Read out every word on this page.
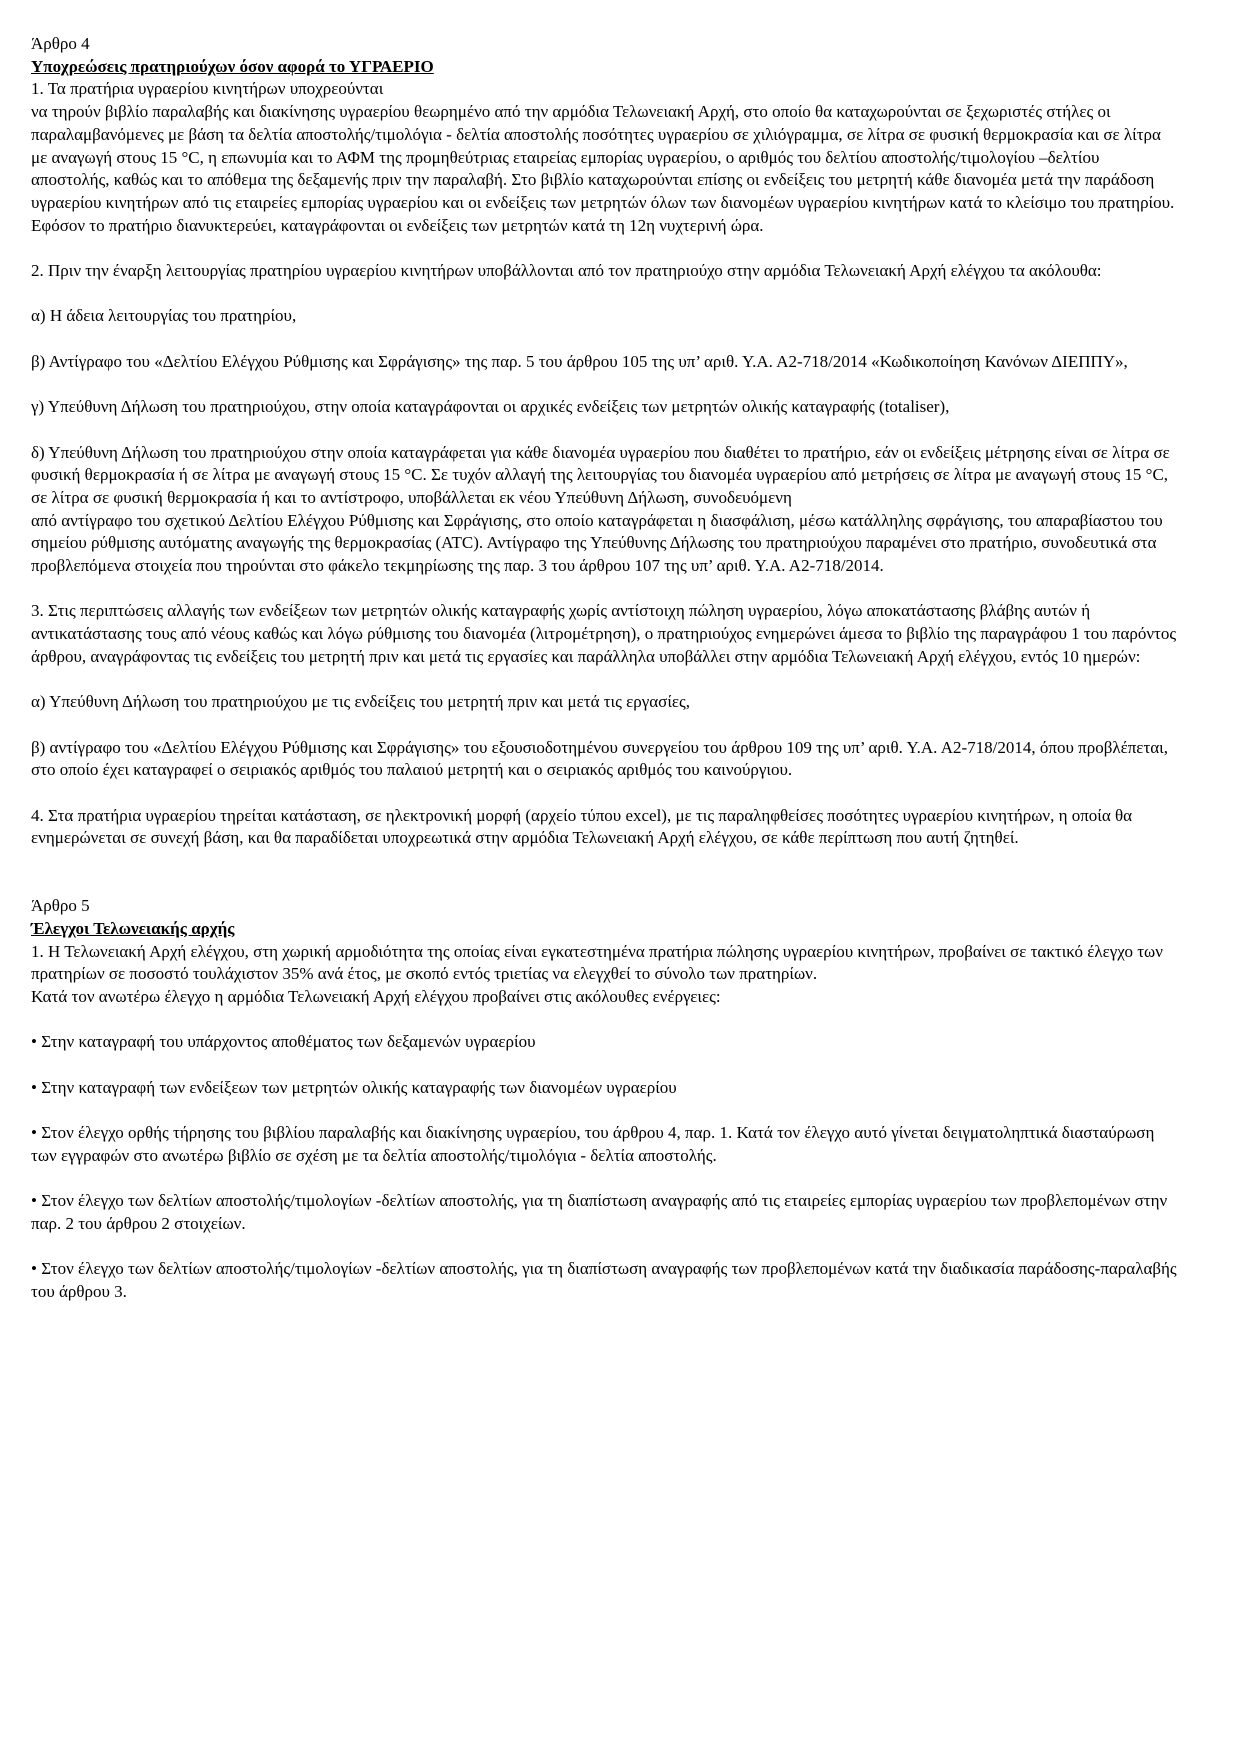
Άρθρο 4

Υποχρεώσεις πρατηριούχων όσον αφορά το ΥΓΡΑΕΡΙΟ

1. Τα πρατήρια υγραερίου κινητήρων υποχρεούνται

να τηρούν βιβλίο παραλαβής και διακίνησης υγραερίου θεωρημένο από την αρμόδια Τελωνειακή Αρχή, στο οποίο θα καταχωρούνται σε ξεχωριστές στήλες οι

παραλαμβανόμενες με βάση τα δελτία αποστολής/τιμολόγια - δελτία αποστολής ποσότητες υγραερίου σε χιλιόγραμμα, σε λίτρα σε φυσική θερμοκρασία και σε λίτρα με αναγωγή στους 15 °C, η επωνυμία και το ΑΦΜ της προμηθεύτριας εταιρείας εμπορίας υγραερίου, ο αριθμός του δελτίου αποστολής/τιμολογίου –δελτίου αποστολής, καθώς και το απόθεμα της δεξαμενής πριν την παραλαβή. Στο βιβλίο καταχωρούνται επίσης οι ενδείξεις του μετρητή κάθε διανομέα μετά την παράδοση υγραερίου κινητήρων από τις εταιρείες εμπορίας υγραερίου και οι ενδείξεις των μετρητών όλων των διανομέων υγραερίου κινητήρων κατά το κλείσιμο του πρατηρίου. Εφόσον το πρατήριο διανυκτερεύει, καταγράφονται οι ενδείξεις των μετρητών κατά τη 12η νυχτερινή ώρα.

2. Πριν την έναρξη λειτουργίας πρατηρίου υγραερίου κινητήρων υποβάλλονται από τον πρατηριούχο στην αρμόδια Τελωνειακή Αρχή ελέγχου τα ακόλουθα:

α) Η άδεια λειτουργίας του πρατηρίου,

β) Αντίγραφο του «Δελτίου Ελέγχου Ρύθμισης και Σφράγισης» της παρ. 5 του άρθρου 105 της υπ’ αριθ. Υ.Α. Α2-718/2014 «Κωδικοποίηση Κανόνων ΔΙΕΠΠΥ»,

γ) Υπεύθυνη Δήλωση του πρατηριούχου, στην οποία καταγράφονται οι αρχικές ενδείξεις των μετρητών ολικής καταγραφής (totaliser),

δ) Υπεύθυνη Δήλωση του πρατηριούχου στην οποία καταγράφεται για κάθε διανομέα υγραερίου που διαθέτει το πρατήριο, εάν οι ενδείξεις μέτρησης είναι σε λίτρα σε φυσική θερμοκρασία ή σε λίτρα με αναγωγή στους 15 °C. Σε τυχόν αλλαγή της λειτουργίας του διανομέα υγραερίου από μετρήσεις σε λίτρα με αναγωγή στους 15 °C, σε λίτρα σε φυσική θερμοκρασία ή και το αντίστροφο, υποβάλλεται εκ νέου Υπεύθυνη Δήλωση, συνοδευόμενη

από αντίγραφο του σχετικού Δελτίου Ελέγχου Ρύθμισης και Σφράγισης, στο οποίο καταγράφεται η διασφάλιση, μέσω κατάλληλης σφράγισης, του απαραβίαστου του σημείου ρύθμισης αυτόματης αναγωγής της θερμοκρασίας (ATC). Αντίγραφο της Υπεύθυνης Δήλωσης του πρατηριούχου παραμένει στο πρατήριο, συνοδευτικά στα προβλεπόμενα στοιχεία που τηρούνται στο φάκελο τεκμηρίωσης της παρ. 3 του άρθρου 107 της υπ’ αριθ. Υ.Α. Α2-718/2014.

3. Στις περιπτώσεις αλλαγής των ενδείξεων των μετρητών ολικής καταγραφής χωρίς αντίστοιχη πώληση υγραερίου, λόγω αποκατάστασης βλάβης αυτών ή αντικατάστασης τους από νέους καθώς και λόγω ρύθμισης του διανομέα (λιτρομέτρηση), ο πρατηριούχος ενημερώνει άμεσα το βιβλίο της παραγράφου 1 του παρόντος άρθρου, αναγράφοντας τις ενδείξεις του μετρητή πριν και μετά τις εργασίες και παράλληλα υποβάλλει στην αρμόδια Τελωνειακή Αρχή ελέγχου, εντός 10 ημερών:

α) Υπεύθυνη Δήλωση του πρατηριούχου με τις ενδείξεις του μετρητή πριν και μετά τις εργασίες,

β) αντίγραφο του «Δελτίου Ελέγχου Ρύθμισης και Σφράγισης» του εξουσιοδοτημένου συνεργείου του άρθρου 109 της υπ’ αριθ. Υ.Α. Α2-718/2014, όπου προβλέπεται, στο οποίο έχει καταγραφεί ο σειριακός αριθμός του παλαιού μετρητή και ο σειριακός αριθμός του καινούργιου.

4. Στα πρατήρια υγραερίου τηρείται κατάσταση, σε ηλεκτρονική μορφή (αρχείο τύπου excel), με τις παραληφθείσες ποσότητες υγραερίου κινητήρων, η οποία θα ενημερώνεται σε συνεχή βάση, και θα παραδίδεται υποχρεωτικά στην αρμόδια Τελωνειακή Αρχή ελέγχου, σε κάθε περίπτωση που αυτή ζητηθεί.

Άρθρο 5

Έλεγχοι Τελωνειακής αρχής

1. Η Τελωνειακή Αρχή ελέγχου, στη χωρική αρμοδιότητα της οποίας είναι εγκατεστημένα πρατήρια πώλησης υγραερίου κινητήρων, προβαίνει σε τακτικό έλεγχο των πρατηρίων σε ποσοστό τουλάχιστον 35% ανά έτος, με σκοπό εντός τριετίας να ελεγχθεί το σύνολο των πρατηρίων.

Κατά τον ανωτέρω έλεγχο η αρμόδια Τελωνειακή Αρχή ελέγχου προβαίνει στις ακόλουθες ενέργειες:

• Στην καταγραφή του υπάρχοντος αποθέματος των δεξαμενών υγραερίου

• Στην καταγραφή των ενδείξεων των μετρητών ολικής καταγραφής των διανομέων υγραερίου

• Στον έλεγχο ορθής τήρησης του βιβλίου παραλαβής και διακίνησης υγραερίου, του άρθρου 4, παρ. 1. Κατά τον έλεγχο αυτό γίνεται δειγματοληπτικά διασταύρωση των εγγραφών στο ανωτέρω βιβλίο σε σχέση με τα δελτία αποστολής/τιμολόγια - δελτία αποστολής.

• Στον έλεγχο των δελτίων αποστολής/τιμολογίων -δελτίων αποστολής, για τη διαπίστωση αναγραφής από τις εταιρείες εμπορίας υγραερίου των προβλεπομένων στην παρ. 2 του άρθρου 2 στοιχείων.

• Στον έλεγχο των δελτίων αποστολής/τιμολογίων -δελτίων αποστολής, για τη διαπίστωση αναγραφής των προβλεπομένων κατά την διαδικασία παράδοσης-παραλαβής του άρθρου 3.
